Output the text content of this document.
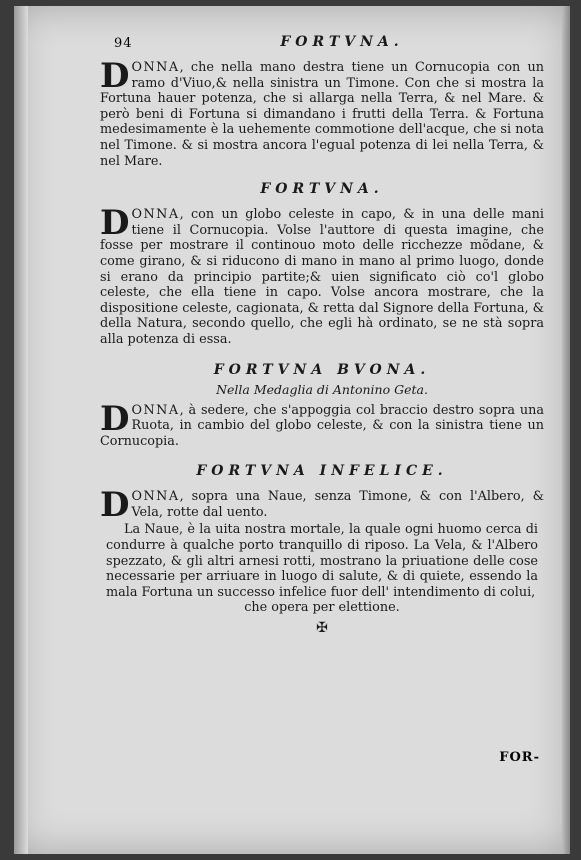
94	FORTVNA.

DONNA, che nella mano destra tiene un Cornucopia con un ramo d'Viuo,& nella sinistra un Timone. Con che si mostra la Fortuna hauer potenza, che si allarga nella Terra, & nel Mare. & però beni di Fortuna si dimandano i frutti della Terra. & Fortuna medesimamente è la uehemente commotione dell'acque, che si nota nel Timone. & si mostra ancora l'egual potenza di lei nella Terra, & nel Mare.

FORTVNA.

DONNA, con un globo celeste in capo, & in una delle mani tiene il Cornucopia. Volse l'auttore di questa imagine, che fosse per mostrare il continouo moto delle ricchezze mõdane, & come girano, & si riducono di mano in mano al primo luogo, donde si erano da principio partite;& uien significato ciò co'l globo celeste, che ella tiene in capo. Volse ancora mostrare, che la dispositione celeste, cagionata, & retta dal Signore della Fortuna, & della Natura, secondo quello, che egli hà ordinato, se ne stà sopra alla potenza di essa.

FORTVNA BVONA.

Nella Medaglia di Antonino Geta.

DONNA, à sedere, che s'appoggia col braccio destro sopra una Ruota, in cambio del globo celeste, & con la sinistra tiene un Cornucopia.

FORTVNA INFELICE.

DONNA, sopra una Naue, senza Timone, & con l'Albero, & Vela, rotte dal uento.

La Naue, è la uita nostra mortale, la quale ogni huomo cerca di condurre à qualche porto tranquillo di riposo. La Vela, & l'Albero spezzato, & gli altri arnesi rotti, mostrano la priuatione delle cose necessarie per arriuare in luogo di salute, & di quiete, essendo la mala Fortuna un successo infelice fuor dell' intendimento di colui,

che opera per elettione.

✠
FOR-
